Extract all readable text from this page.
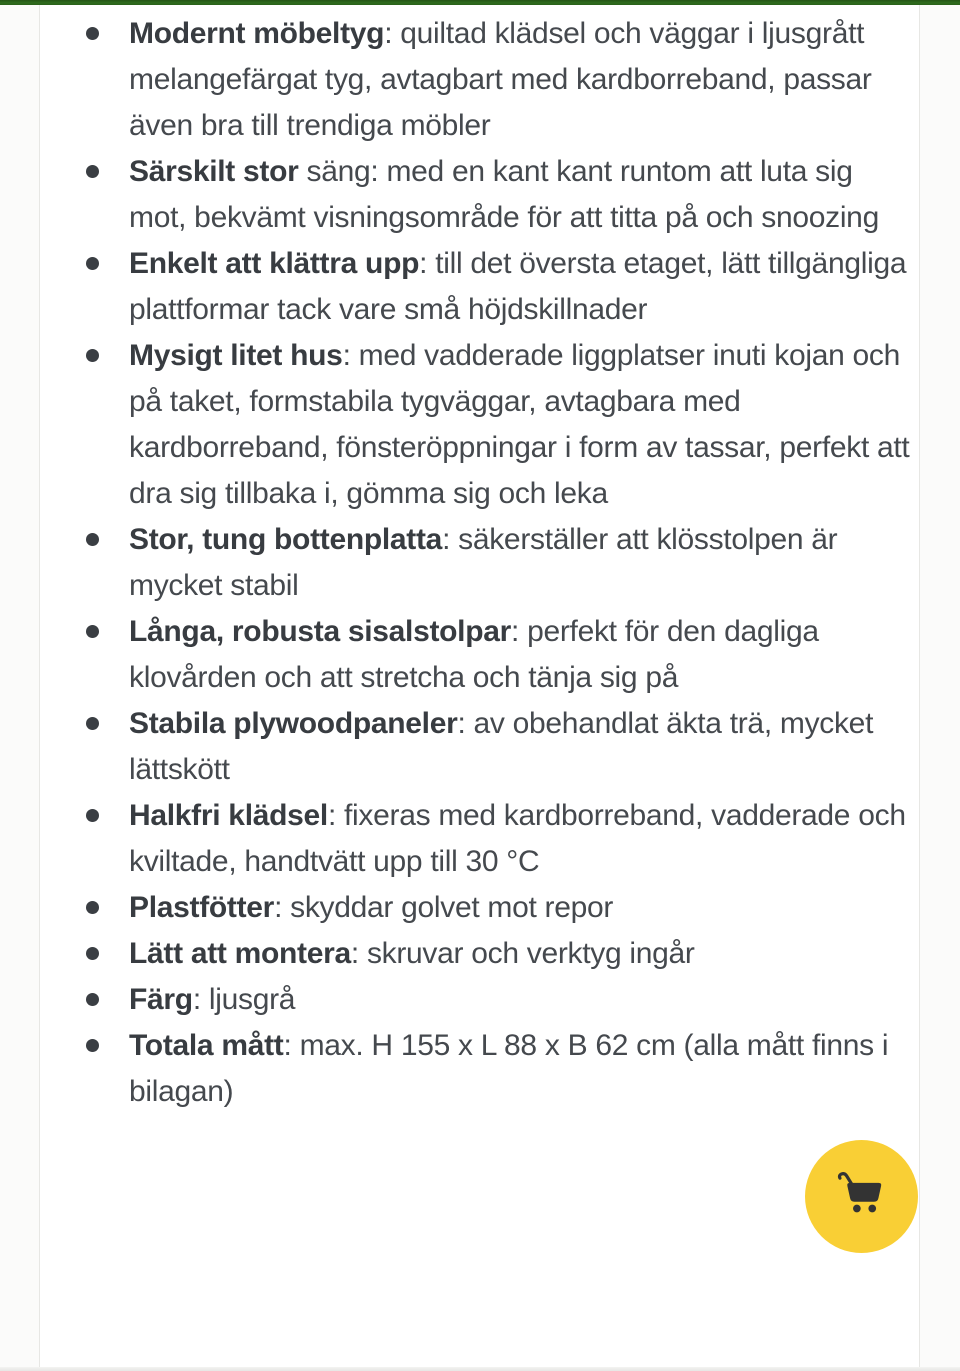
Modernt möbeltyg: quiltad klädsel och väggar i ljusgrått melangefärgat tyg, avtagbart med kardborreband, passar även bra till trendiga möbler
Särskilt stor säng: med en kant kant runtom att luta sig mot, bekvämt visningsområde för att titta på och snoozing
Enkelt att klättra upp: till det översta etaget, lätt tillgängliga plattformar tack vare små höjdskillnader
Mysigt litet hus: med vadderade liggplatser inuti kojan och på taket, formstabila tygväggar, avtagbara med kardborreband, fönsteröppningar i form av tassar, perfekt att dra sig tillbaka i, gömma sig och leka
Stor, tung bottenplatta: säkerställer att klösstolpen är mycket stabil
Långa, robusta sisalstolpar: perfekt för den dagliga klovården och att stretcha och tänja sig på
Stabila plywoodpaneler: av obehandlat äkta trä, mycket lättskött
Halkfri klädsel: fixeras med kardborreband, vadderade och kviltade, handtvätt upp till 30 °C
Plastfötter: skyddar golvet mot repor
Lätt att montera: skruvar och verktyg ingår
Färg: ljusgrå
Totala mått: max. H 155 x L 88 x B 62 cm (alla mått finns i bilagan)
